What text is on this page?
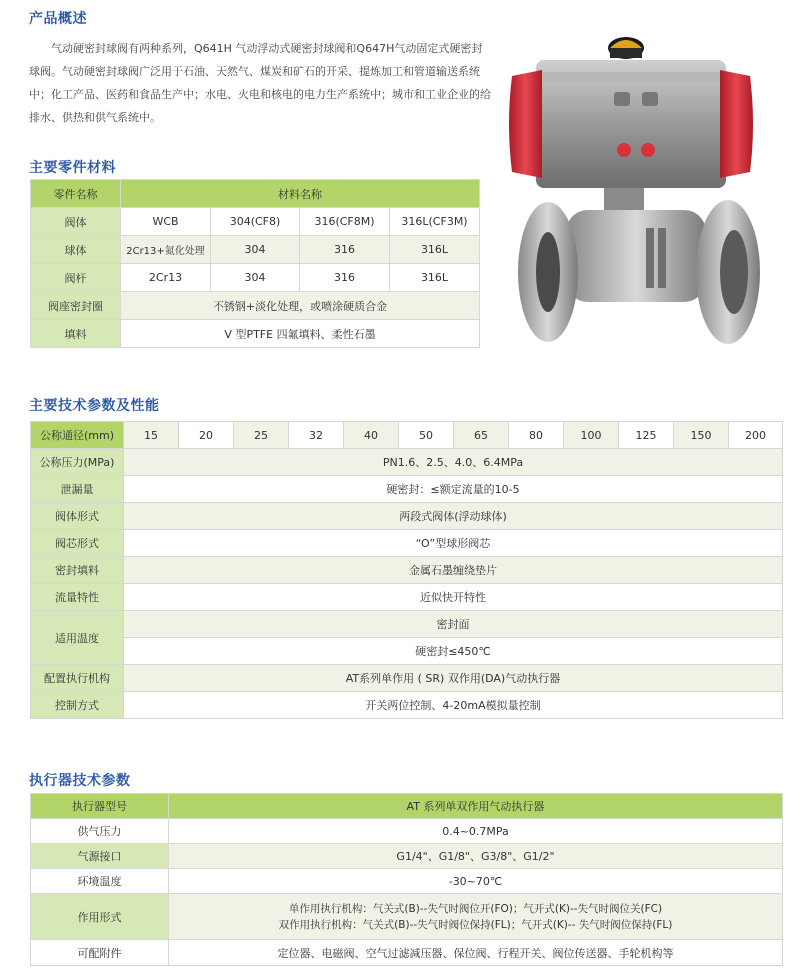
产品概述
气动硬密封球阀有两种系列，Q641H 气动浮动式硬密封球阀和Q647H气动固定式硬密封球阀。气动硬密封球阀广泛用于石油、天然气、煤炭和矿石的开采、提炼加工和管道输送系统中；化工产品、医药和食品生产中；水电、火电和核电的电力生产系统中；城市和工业企业的给排水、供热和供气系统中。
主要零件材料
零件名称	材料名称			
阀体	WCB	304(CF8)	316(CF8M)	316L(CF3M)
球体	2Cr13+氮化处理	304	316	316L
阀杆	2Cr13	304	316	316L
阀座密封圈	不锈钢+淡化处理，或喷涂硬质合金			
填料	V 型PTFE 四氟填料、柔性石墨			
主要技术参数及性能
公称通径(mm)	15	20	25	32	40	50	65	80	100	125	150	200
公称压力(MPa)	PN1.6、2.5、4.0、6.4MPa											
泄漏量	硬密封：≤额定流量的10-5											
阀体形式	两段式阀体(浮动球体)											
阀芯形式	“O”型球形阀芯											
密封填料	金属石墨缠绕垫片											
流量特性	近似快开特性											
适用温度	密封面											
	硬密封≤450℃											
配置执行机构	AT系列单作用 ( SR) 双作用(DA)气动执行器											
控制方式	开关两位控制、4-20mA模拟量控制											
执行器技术参数
执行器型号	AT 系列单双作用气动执行器
供气压力	0.4~0.7MPa
气源接口	G1/4"、G1/8"、G3/8"、G1/2"
环境温度	-30~70℃
作用形式	单作用执行机构：气关式(B)--失气时阀位开(FO)；气开式(K)--失气时阀位关(FC)
双作用执行机构：气关式(B)--失气时阀位保持(FL)；气开式(K)-- 失气时阀位保持(FL)

可配附件	定位器、电磁阀、空气过滤减压器、保位阀、行程开关、阀位传送器、手轮机构等
